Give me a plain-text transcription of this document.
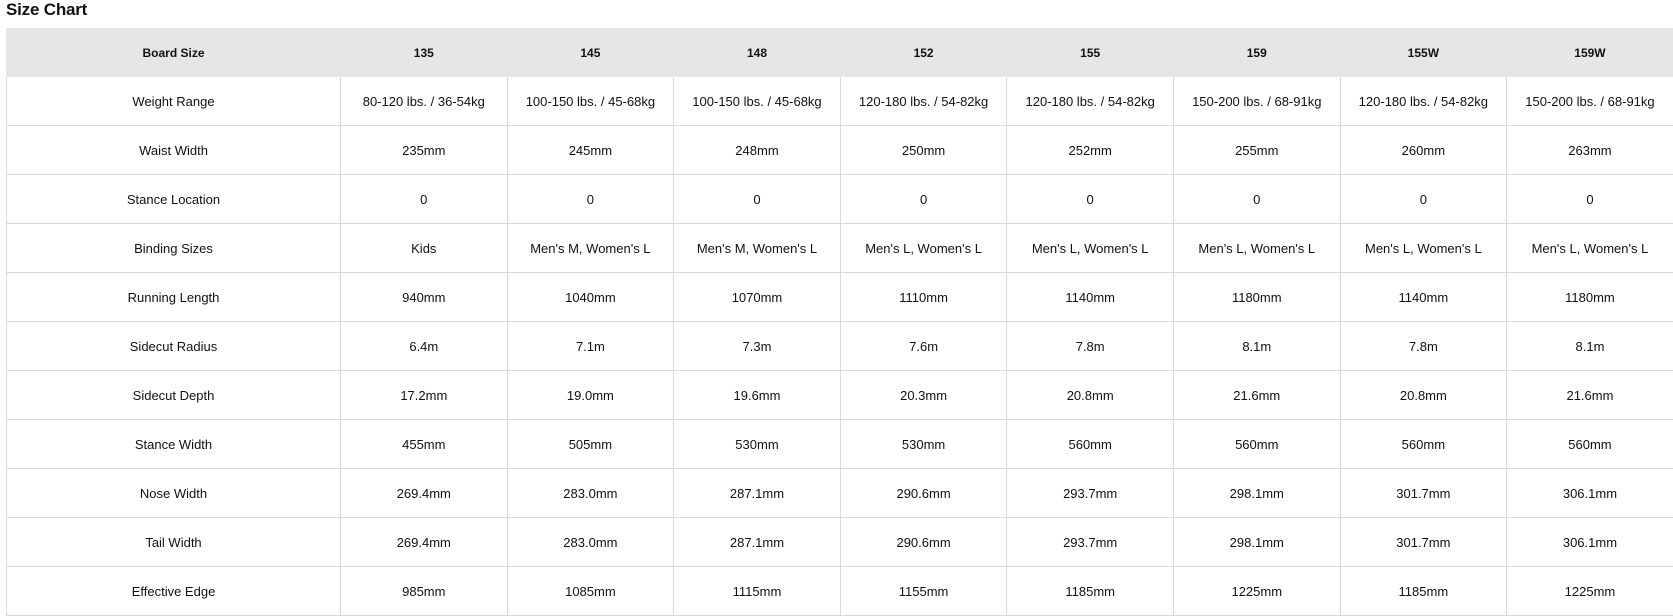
Size Chart
Board Size	135	145	148	152	155	159	155W	159W
Weight Range	80-120 lbs. / 36-54kg	100-150 lbs. / 45-68kg	100-150 lbs. / 45-68kg	120-180 lbs. / 54-82kg	120-180 lbs. / 54-82kg	150-200 lbs. / 68-91kg	120-180 lbs. / 54-82kg	150-200 lbs. / 68-91kg
Waist Width	235mm	245mm	248mm	250mm	252mm	255mm	260mm	263mm
Stance Location	0	0	0	0	0	0	0	0
Binding Sizes	Kids	Men's M, Women's L	Men's M, Women's L	Men's L, Women's L	Men's L, Women's L	Men's L, Women's L	Men's L, Women's L	Men's L, Women's L
Running Length	940mm	1040mm	1070mm	1110mm	1140mm	1180mm	1140mm	1180mm
Sidecut Radius	6.4m	7.1m	7.3m	7.6m	7.8m	8.1m	7.8m	8.1m
Sidecut Depth	17.2mm	19.0mm	19.6mm	20.3mm	20.8mm	21.6mm	20.8mm	21.6mm
Stance Width	455mm	505mm	530mm	530mm	560mm	560mm	560mm	560mm
Nose Width	269.4mm	283.0mm	287.1mm	290.6mm	293.7mm	298.1mm	301.7mm	306.1mm
Tail Width	269.4mm	283.0mm	287.1mm	290.6mm	293.7mm	298.1mm	301.7mm	306.1mm
Effective Edge	985mm	1085mm	1115mm	1155mm	1185mm	1225mm	1185mm	1225mm
